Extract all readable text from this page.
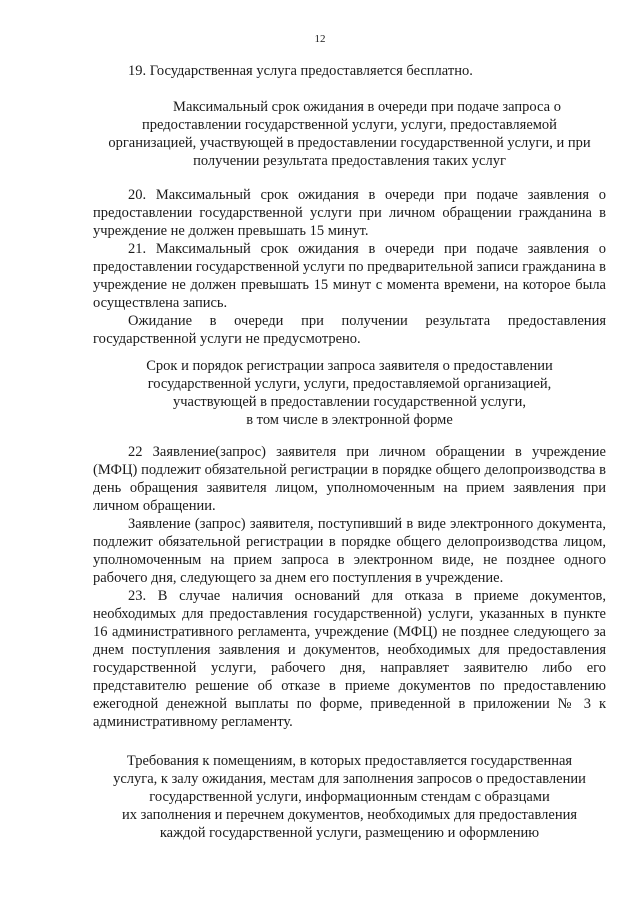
12

19. Государственная услуга предоставляется бесплатно.

Максимальный срок ожидания в очереди при подаче запроса о

предоставлении государственной услуги, услуги, предоставляемой

организацией, участвующей в предоставлении государственной услуги, и при

получении результата предоставления таких услуг

20. Максимальный срок ожидания в очереди при подаче заявления о предоставлении государственной услуги при личном обращении гражданина в учреждение не должен превышать 15 минут.

21. Максимальный срок ожидания в очереди при подаче заявления о предоставлении государственной услуги по предварительной записи гражданина в учреждение не должен превышать 15 минут с момента времени, на которое была осуществлена запись.

Ожидание в очереди при получении результата предоставления государственной услуги не предусмотрено.

Срок и порядок регистрации запроса заявителя о предоставлении

государственной услуги, услуги, предоставляемой организацией,

участвующей в предоставлении государственной услуги,

в том числе в электронной форме

22 Заявление(запрос) заявителя при личном обращении в учреждение (МФЦ) подлежит обязательной регистрации в порядке общего делопроизводства в день обращения заявителя лицом, уполномоченным на прием заявления при личном обращении.

Заявление (запрос) заявителя, поступивший в виде электронного документа, подлежит обязательной регистрации в порядке общего делопроизводства лицом, уполномоченным на прием запроса в электронном виде, не позднее одного рабочего дня, следующего за днем его поступления в учреждение.

23. В случае наличия оснований для отказа в приеме документов, необходимых для предоставления государственной) услуги, указанных в пункте 16 административного регламента, учреждение (МФЦ) не позднее следующего за днем поступления заявления и документов, необходимых для предоставления государственной услуги, рабочего дня, направляет заявителю либо его представителю решение об отказе в приеме документов по предоставлению ежегодной денежной выплаты по форме, приведенной в приложении № 3 к административному регламенту.

Требования к помещениям, в которых предоставляется государственная

услуга, к залу ожидания, местам для заполнения запросов о предоставлении

государственной услуги, информационным стендам с образцами

их заполнения и перечнем документов, необходимых для предоставления

каждой государственной услуги, размещению и оформлению
